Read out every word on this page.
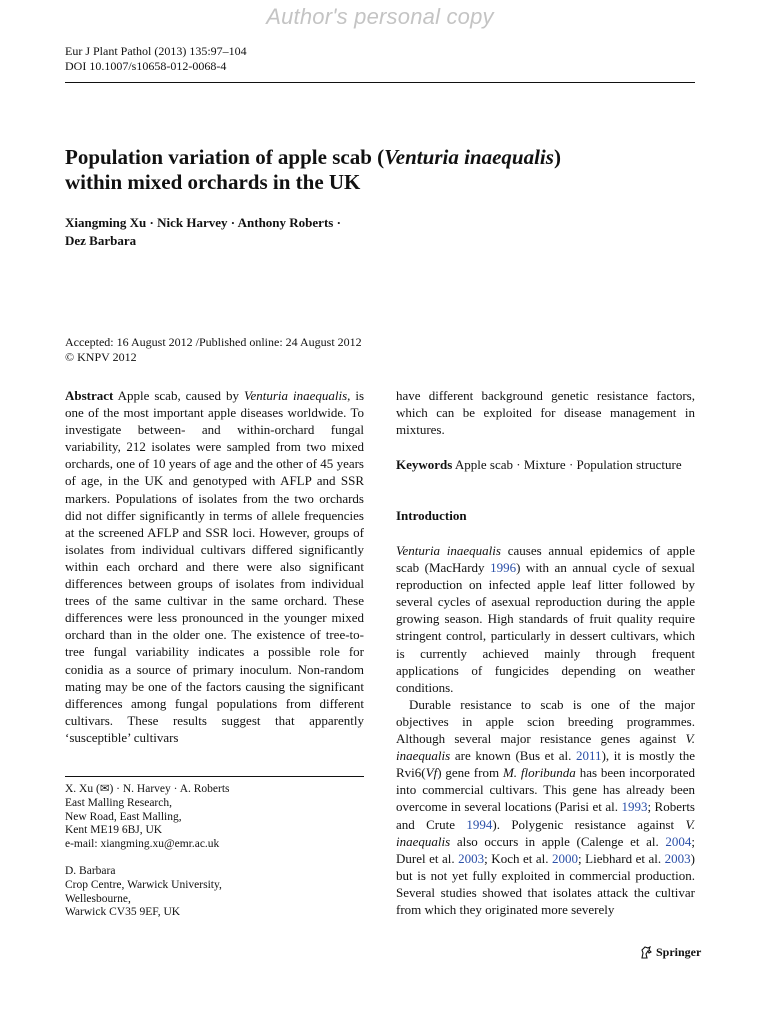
Author's personal copy
Eur J Plant Pathol (2013) 135:97–104
DOI 10.1007/s10658-012-0068-4
Population variation of apple scab (Venturia inaequalis)
within mixed orchards in the UK
Xiangming Xu · Nick Harvey · Anthony Roberts ·
Dez Barbara
Accepted: 16 August 2012 /Published online: 24 August 2012
© KNPV 2012

Abstract Apple scab, caused by Venturia inaequalis, is one of the most important apple diseases worldwide. To investigate between- and within-orchard fungal variability, 212 isolates were sampled from two mixed orchards, one of 10 years of age and the other of 45 years of age, in the UK and genotyped with AFLP and SSR markers. Populations of isolates from the two orchards did not differ significantly in terms of allele frequencies at the screened AFLP and SSR loci. However, groups of isolates from individual cultivars differed significantly within each orchard and there were also significant differences between groups of isolates from individual trees of the same cultivar in the same orchard. These differences were less pronounced in the younger mixed orchard than in the older one. The existence of tree-to-tree fungal variability indicates a possible role for conidia as a source of primary inoculum. Non-random mating may be one of the factors causing the significant differences among fungal populations from different cultivars. These results suggest that apparently ‘susceptible’ cultivars

X. Xu (✉) · N. Harvey · A. Roberts
East Malling Research,
New Road, East Malling,
Kent ME19 6BJ, UK
e-mail: xiangming.xu@emr.ac.uk
D. Barbara
Crop Centre, Warwick University,
Wellesbourne,
Warwick CV35 9EF, UK

have different background genetic resistance factors, which can be exploited for disease management in mixtures.

Keywords Apple scab · Mixture · Population structure
Introduction

Venturia inaequalis causes annual epidemics of apple scab (MacHardy 1996) with an annual cycle of sexual reproduction on infected apple leaf litter followed by several cycles of asexual reproduction during the apple growing season. High standards of fruit quality require stringent control, particularly in dessert cultivars, which is currently achieved mainly through frequent applications of fungicides depending on weather conditions.

Durable resistance to scab is one of the major objectives in apple scion breeding programmes. Although several major resistance genes against V. inaequalis are known (Bus et al. 2011), it is mostly the Rvi6(Vf) gene from M. floribunda has been incorporated into commercial cultivars. This gene has already been overcome in several locations (Parisi et al. 1993; Roberts and Crute 1994). Polygenic resistance against V. inaequalis also occurs in apple (Calenge et al. 2004; Durel et al. 2003; Koch et al. 2000; Liebhard et al. 2003) but is not yet fully exploited in commercial production. Several studies showed that isolates attack the cultivar from which they originated more severely

Springer
